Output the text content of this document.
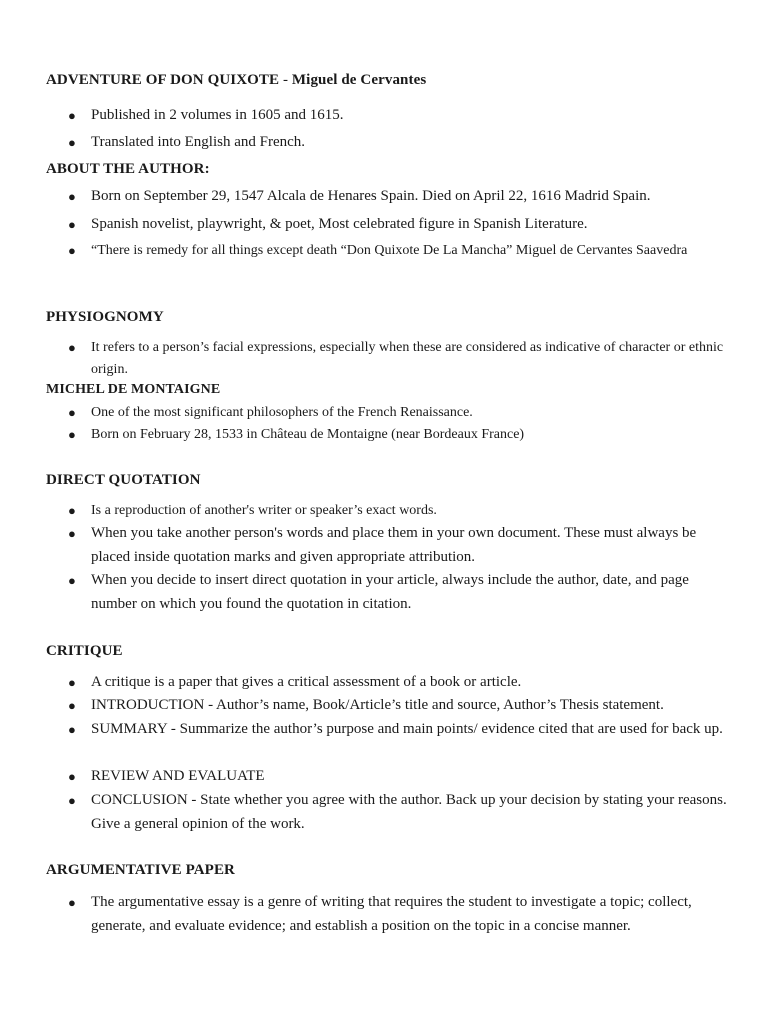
ADVENTURE OF DON QUIXOTE - Miguel de Cervantes
● Published in 2 volumes in 1605 and 1615.
● Translated into English and French.
ABOUT THE AUTHOR:
● Born on September 29, 1547 Alcala de Henares Spain. Died on April 22, 1616 Madrid Spain.
● Spanish novelist, playwright, & poet, Most celebrated figure in Spanish Literature.
● “There is remedy for all things except death “Don Quixote De La Mancha” Miguel de Cervantes Saavedra
PHYSIOGNOMY
● It refers to a person’s facial expressions, especially when these are considered as indicative of character or ethnic origin.
MICHEL DE MONTAIGNE
● One of the most significant philosophers of the French Renaissance.
● Born on February 28, 1533 in Château de Montaigne (near Bordeaux France)
DIRECT QUOTATION
● Is a reproduction of another's writer or speaker’s exact words.
● When you take another person's words and place them in your own document. These must always be placed inside quotation marks and given appropriate attribution.
● When you decide to insert direct quotation in your article, always include the author, date, and page number on which you found the quotation in citation.
CRITIQUE
● A critique is a paper that gives a critical assessment of a book or article.
● INTRODUCTION - Author’s name, Book/Article’s title and source, Author’s Thesis statement.
● SUMMARY - Summarize the author’s purpose and main points/ evidence cited that are used for back up.
● REVIEW AND EVALUATE
● CONCLUSION - State whether you agree with the author. Back up your decision by stating your reasons. Give a general opinion of the work.
ARGUMENTATIVE PAPER
● The argumentative essay is a genre of writing that requires the student to investigate a topic; collect, generate, and evaluate evidence; and establish a position on the topic in a concise manner.
